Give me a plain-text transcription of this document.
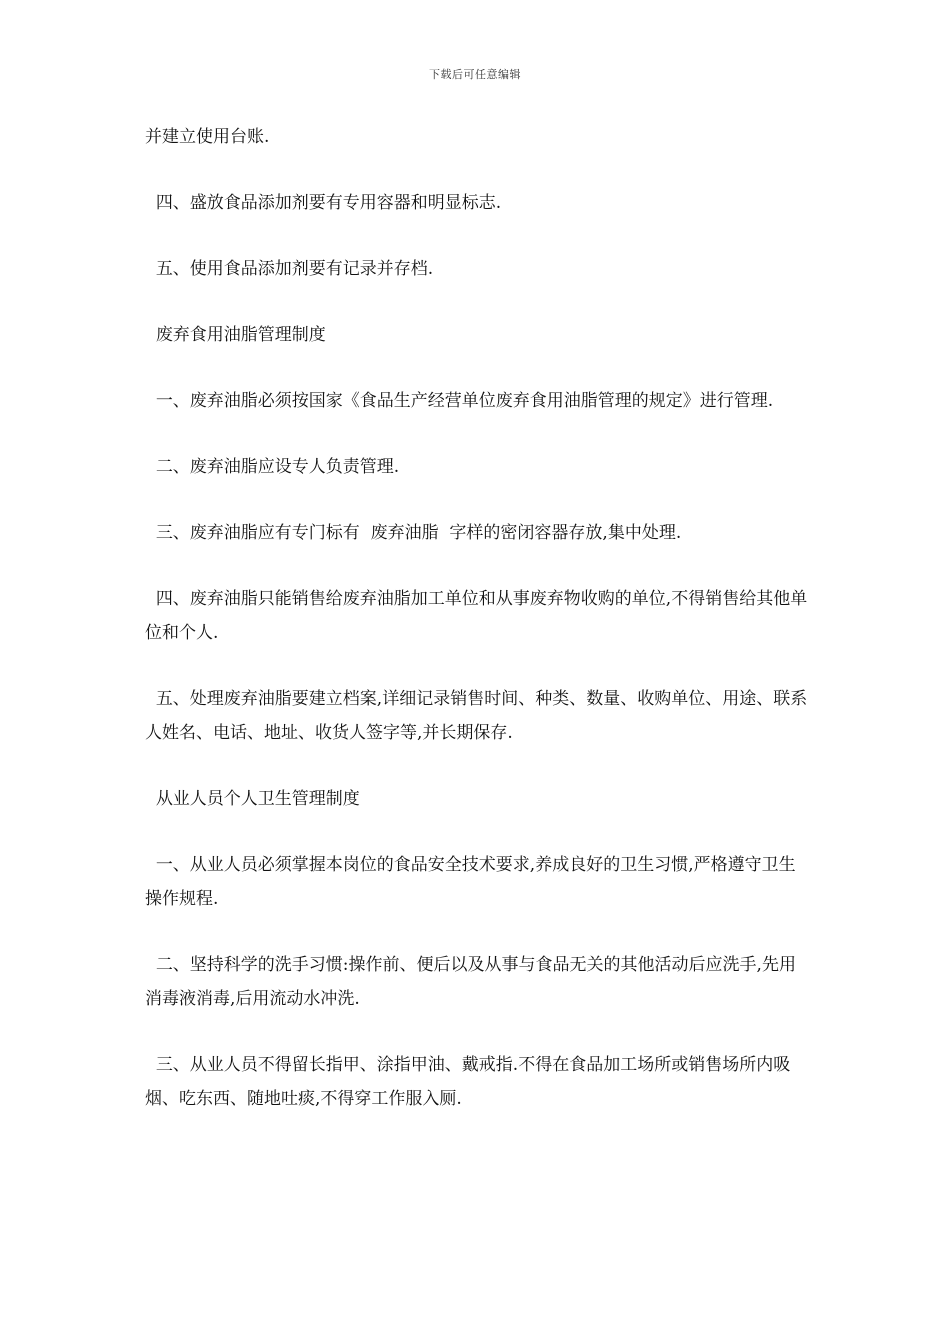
下载后可任意编辑

并建立使用台账.

四、盛放食品添加剂要有专用容器和明显标志.

五、使用食品添加剂要有记录并存档.

废弃食用油脂管理制度

一、废弃油脂必须按国家《食品生产经营单位废弃食用油脂管理的规定》进行管理.

二、废弃油脂应设专人负责管理.

三、废弃油脂应有专门标有  废弃油脂  字样的密闭容器存放,集中处理.

四、废弃油脂只能销售给废弃油脂加工单位和从事废弃物收购的单位,不得销售给其他单位和个人.

五、处理废弃油脂要建立档案,详细记录销售时间、种类、数量、收购单位、用途、联系人姓名、电话、地址、收货人签字等,并长期保存.

从业人员个人卫生管理制度

一、从业人员必须掌握本岗位的食品安全技术要求,养成良好的卫生习惯,严格遵守卫生操作规程.

二、坚持科学的洗手习惯:操作前、便后以及从事与食品无关的其他活动后应洗手,先用消毒液消毒,后用流动水冲洗.

三、从业人员不得留长指甲、涂指甲油、戴戒指.不得在食品加工场所或销售场所内吸烟、吃东西、随地吐痰,不得穿工作服入厕.
